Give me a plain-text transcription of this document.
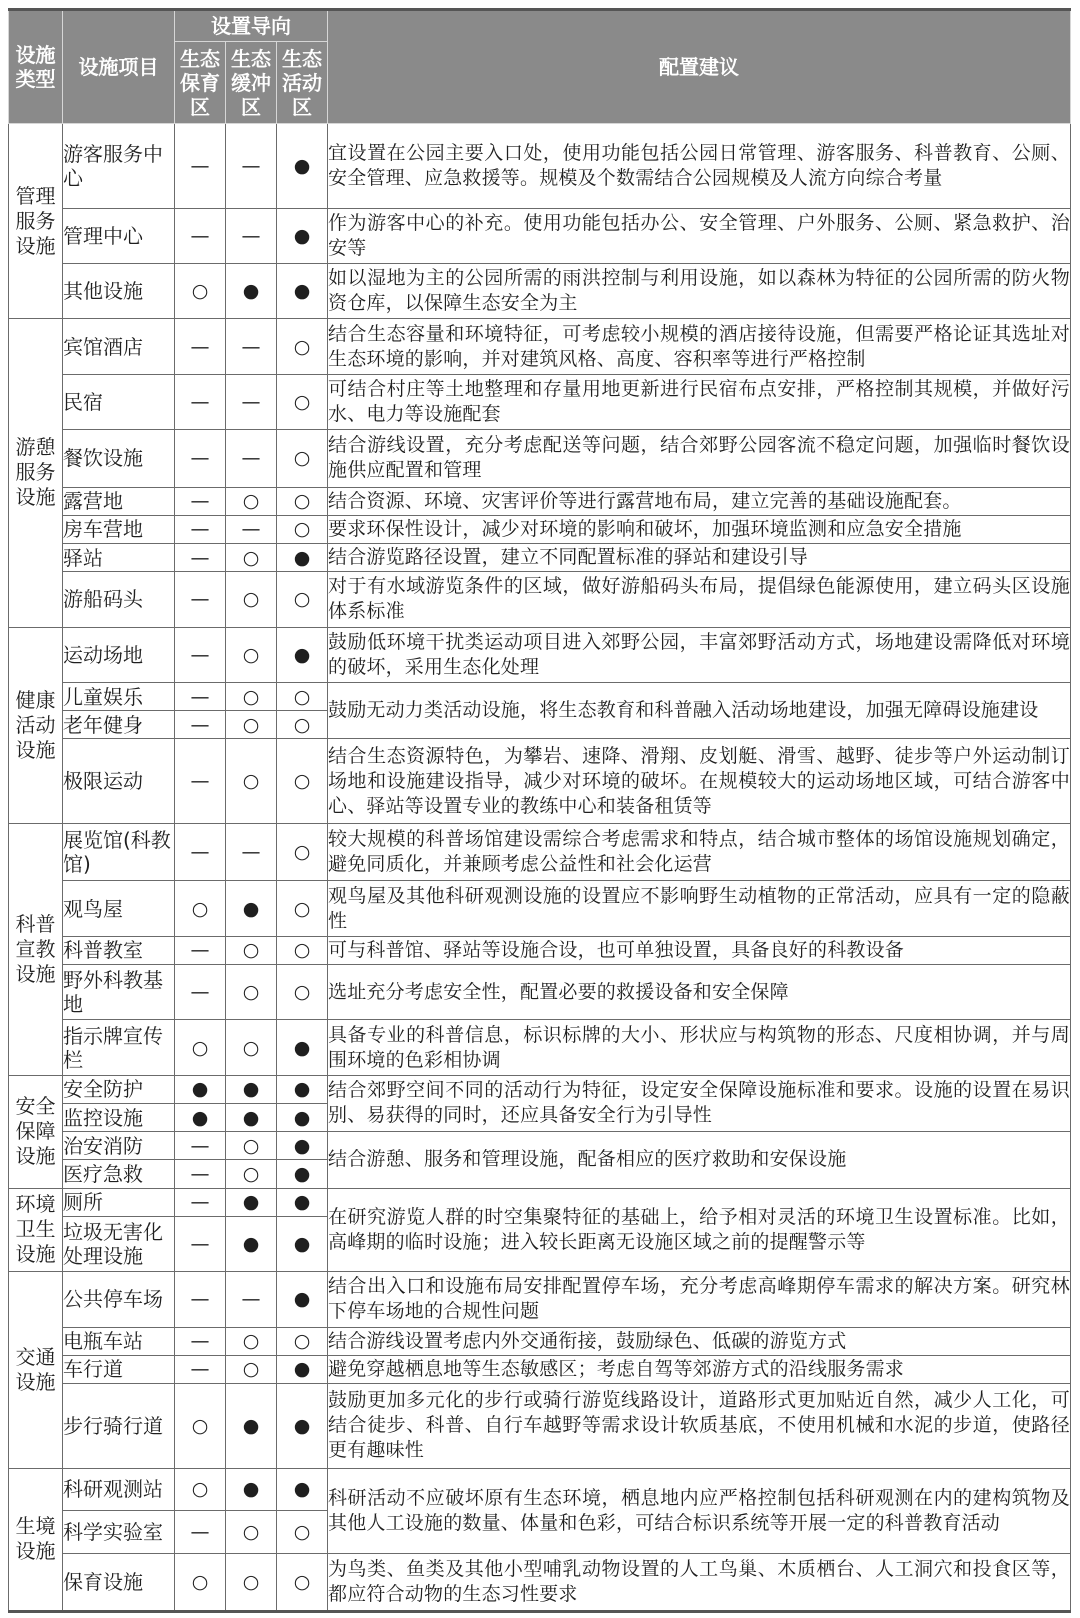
设施类型	设施项目	设置导向			配置建议
		生态保育区	生态缓冲区	生态活动区	
管理服务设施	游客服务中心	—	—	●	宜设置在公园主要入口处，使用功能包括公园日常管理、游客服务、科普教育、公厕、安全管理、应急救援等。规模及个数需结合公园规模及人流方向综合考量
	管理中心	—	—	●	作为游客中心的补充。使用功能包括办公、安全管理、户外服务、公厕、紧急救护、治安等
	其他设施	○	●	●	如以湿地为主的公园所需的雨洪控制与利用设施，如以森林为特征的公园所需的防火物资仓库，以保障生态安全为主
游憩服务设施	宾馆酒店	—	—	○	结合生态容量和环境特征，可考虑较小规模的酒店接待设施，但需要严格论证其选址对生态环境的影响，并对建筑风格、高度、容积率等进行严格控制
	民宿	—	—	○	可结合村庄等土地整理和存量用地更新进行民宿布点安排，严格控制其规模，并做好污水、电力等设施配套
	餐饮设施	—	—	○	结合游线设置，充分考虑配送等问题，结合郊野公园客流不稳定问题，加强临时餐饮设施供应配置和管理
	露营地	—	○	○	结合资源、环境、灾害评价等进行露营地布局，建立完善的基础设施配套。
	房车营地	—	—	○	要求环保性设计，减少对环境的影响和破坏，加强环境监测和应急安全措施
	驿站	—	○	●	结合游览路径设置，建立不同配置标准的驿站和建设引导
	游船码头	—	○	○	对于有水域游览条件的区域，做好游船码头布局，提倡绿色能源使用，建立码头区设施体系标准
健康活动设施	运动场地	—	○	●	鼓励低环境干扰类运动项目进入郊野公园，丰富郊野活动方式，场地建设需降低对环境的破坏，采用生态化处理
	儿童娱乐	—	○	○	鼓励无动力类活动设施，将生态教育和科普融入活动场地建设，加强无障碍设施建设
	老年健身	—	○	○	
	极限运动	—	○	○	结合生态资源特色，为攀岩、速降、滑翔、皮划艇、滑雪、越野、徒步等户外运动制订场地和设施建设指导，减少对环境的破坏。在规模较大的运动场地区域，可结合游客中心、驿站等设置专业的教练中心和装备租赁等
科普宣教设施	展览馆(科教馆)	—	—	○	较大规模的科普场馆建设需综合考虑需求和特点，结合城市整体的场馆设施规划确定，避免同质化，并兼顾考虑公益性和社会化运营
	观鸟屋	○	●	○	观鸟屋及其他科研观测设施的设置应不影响野生动植物的正常活动，应具有一定的隐蔽性
	科普教室	—	○	○	可与科普馆、驿站等设施合设，也可单独设置，具备良好的科教设备
	野外科教基地	—	○	○	选址充分考虑安全性，配置必要的救援设备和安全保障
	指示牌宣传栏	○	○	●	具备专业的科普信息，标识标牌的大小、形状应与构筑物的形态、尺度相协调，并与周围环境的色彩相协调
安全保障设施	安全防护	●	●	●	结合郊野空间不同的活动行为特征，设定安全保障设施标准和要求。设施的设置在易识别、易获得的同时，还应具备安全行为引导性
	监控设施	●	●	●	
	治安消防	—	○	●	结合游憩、服务和管理设施，配备相应的医疗救助和安保设施
	医疗急救	—	○	●	
环境卫生设施	厕所	—	●	●	在研究游览人群的时空集聚特征的基础上，给予相对灵活的环境卫生设置标准。比如，高峰期的临时设施；进入较长距离无设施区域之前的提醒警示等
	垃圾无害化处理设施	—	●	●	
交通设施	公共停车场	—	—	●	结合出入口和设施布局安排配置停车场，充分考虑高峰期停车需求的解决方案。研究林下停车场地的合规性问题
	电瓶车站	—	○	○	结合游线设置考虑内外交通衔接，鼓励绿色、低碳的游览方式
	车行道	—	○	●	避免穿越栖息地等生态敏感区；考虑自驾等郊游方式的沿线服务需求
	步行骑行道	○	●	●	鼓励更加多元化的步行或骑行游览线路设计，道路形式更加贴近自然，减少人工化，可结合徒步、科普、自行车越野等需求设计软质基底，不使用机械和水泥的步道，使路径更有趣味性
生境设施	科研观测站	○	●	●	科研活动不应破坏原有生态环境，栖息地内应严格控制包括科研观测在内的建构筑物及其他人工设施的数量、体量和色彩，可结合标识系统等开展一定的科普教育活动
	科学实验室	—	○	○	
	保育设施	○	○	○	为鸟类、鱼类及其他小型哺乳动物设置的人工鸟巢、木质栖台、人工洞穴和投食区等，都应符合动物的生态习性要求
